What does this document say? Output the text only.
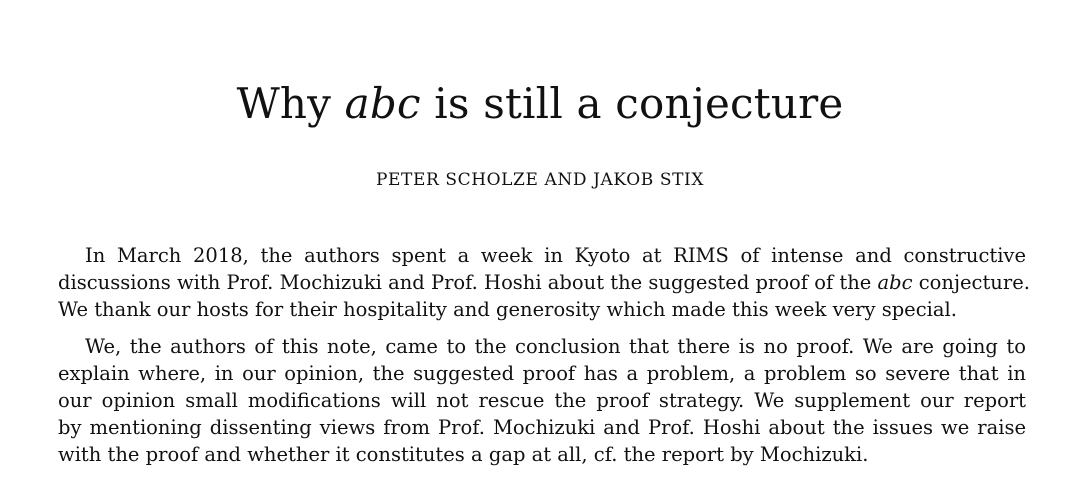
Why abc is still a conjecture
PETER SCHOLZE AND JAKOB STIX
In March 2018, the authors spent a week in Kyoto at RIMS of intense and constructive
discussions with Prof. Mochizuki and Prof. Hoshi about the suggested proof of the abc conjecture.
We thank our hosts for their hospitality and generosity which made this week very special.
We, the authors of this note, came to the conclusion that there is no proof. We are going to
explain where, in our opinion, the suggested proof has a problem, a problem so severe that in
our opinion small modifications will not rescue the proof strategy. We supplement our report
by mentioning dissenting views from Prof. Mochizuki and Prof. Hoshi about the issues we raise
with the proof and whether it constitutes a gap at all, cf. the report by Mochizuki.
